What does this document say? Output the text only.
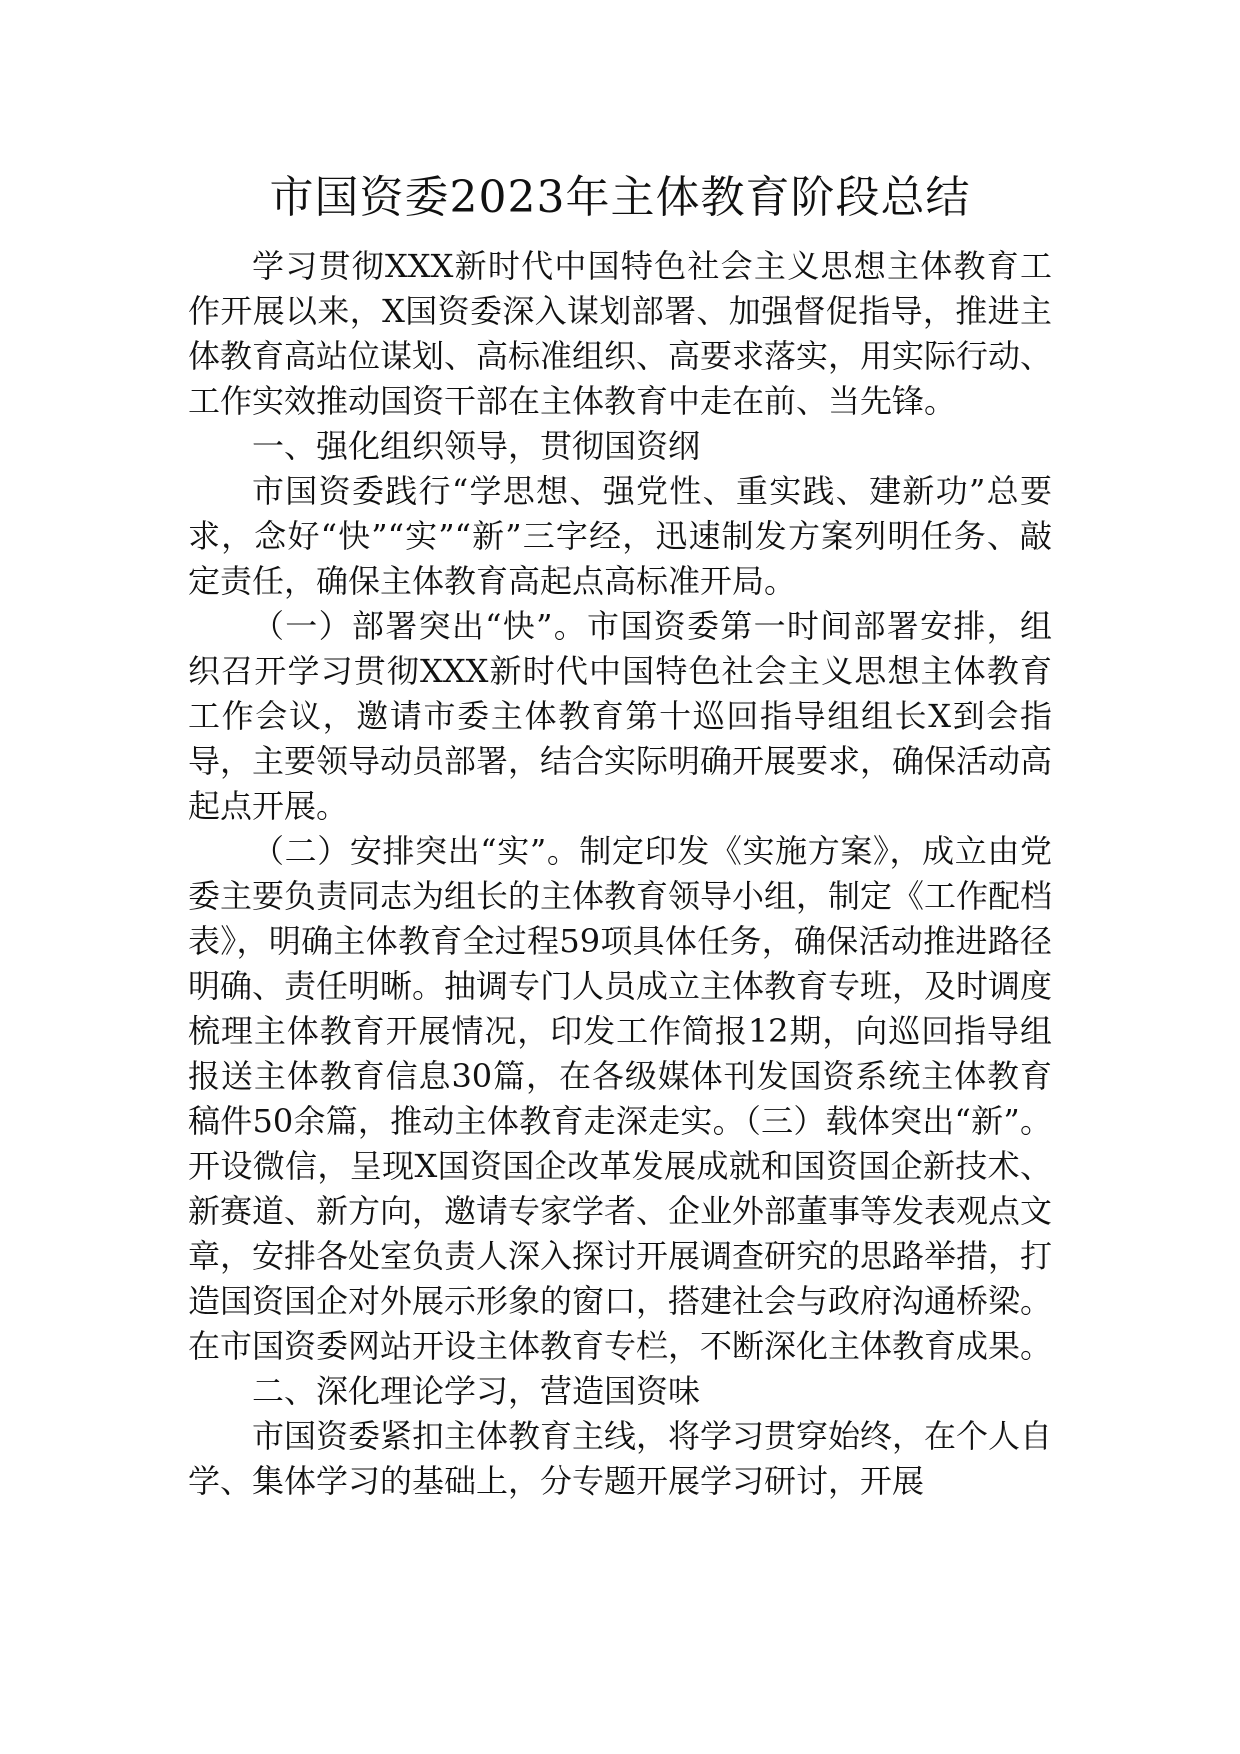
市国资委2023年主体教育阶段总结

学习贯彻XXX新时代中国特色社会主义思想主体教育工作开展以来，X国资委深入谋划部署、加强督促指导，推进主体教育高站位谋划、高标准组织、高要求落实，用实际行动、工作实效推动国资干部在主体教育中走在前、当先锋。

一、强化组织领导，贯彻国资纲

市国资委践行“学思想、强党性、重实践、建新功”总要求，念好“快”“实”“新”三字经，迅速制发方案列明任务、敲定责任，确保主体教育高起点高标准开局。

（一）部署突出“快”。市国资委第一时间部署安排，组织召开学习贯彻XXX新时代中国特色社会主义思想主体教育工作会议，邀请市委主体教育第十巡回指导组组长X到会指导，主要领导动员部署，结合实际明确开展要求，确保活动高起点开展。

（二）安排突出“实”。制定印发《实施方案》，成立由党委主要负责同志为组长的主体教育领导小组，制定《工作配档表》，明确主体教育全过程59项具体任务，确保活动推进路径明确、责任明晰。抽调专门人员成立主体教育专班，及时调度梳理主体教育开展情况，印发工作简报12期，向巡回指导组报送主体教育信息30篇，在各级媒体刊发国资系统主体教育稿件50余篇，推动主体教育走深走实。（三）载体突出“新”。开设微信，呈现X国资国企改革发展成就和国资国企新技术、新赛道、新方向，邀请专家学者、企业外部董事等发表观点文章，安排各处室负责人深入探讨开展调查研究的思路举措，打造国资国企对外展示形象的窗口，搭建社会与政府沟通桥梁。在市国资委网站开设主体教育专栏，不断深化主体教育成果。

二、深化理论学习，营造国资味

市国资委紧扣主体教育主线，将学习贯穿始终，在个人自学、集体学习的基础上，分专题开展学习研讨，开展
